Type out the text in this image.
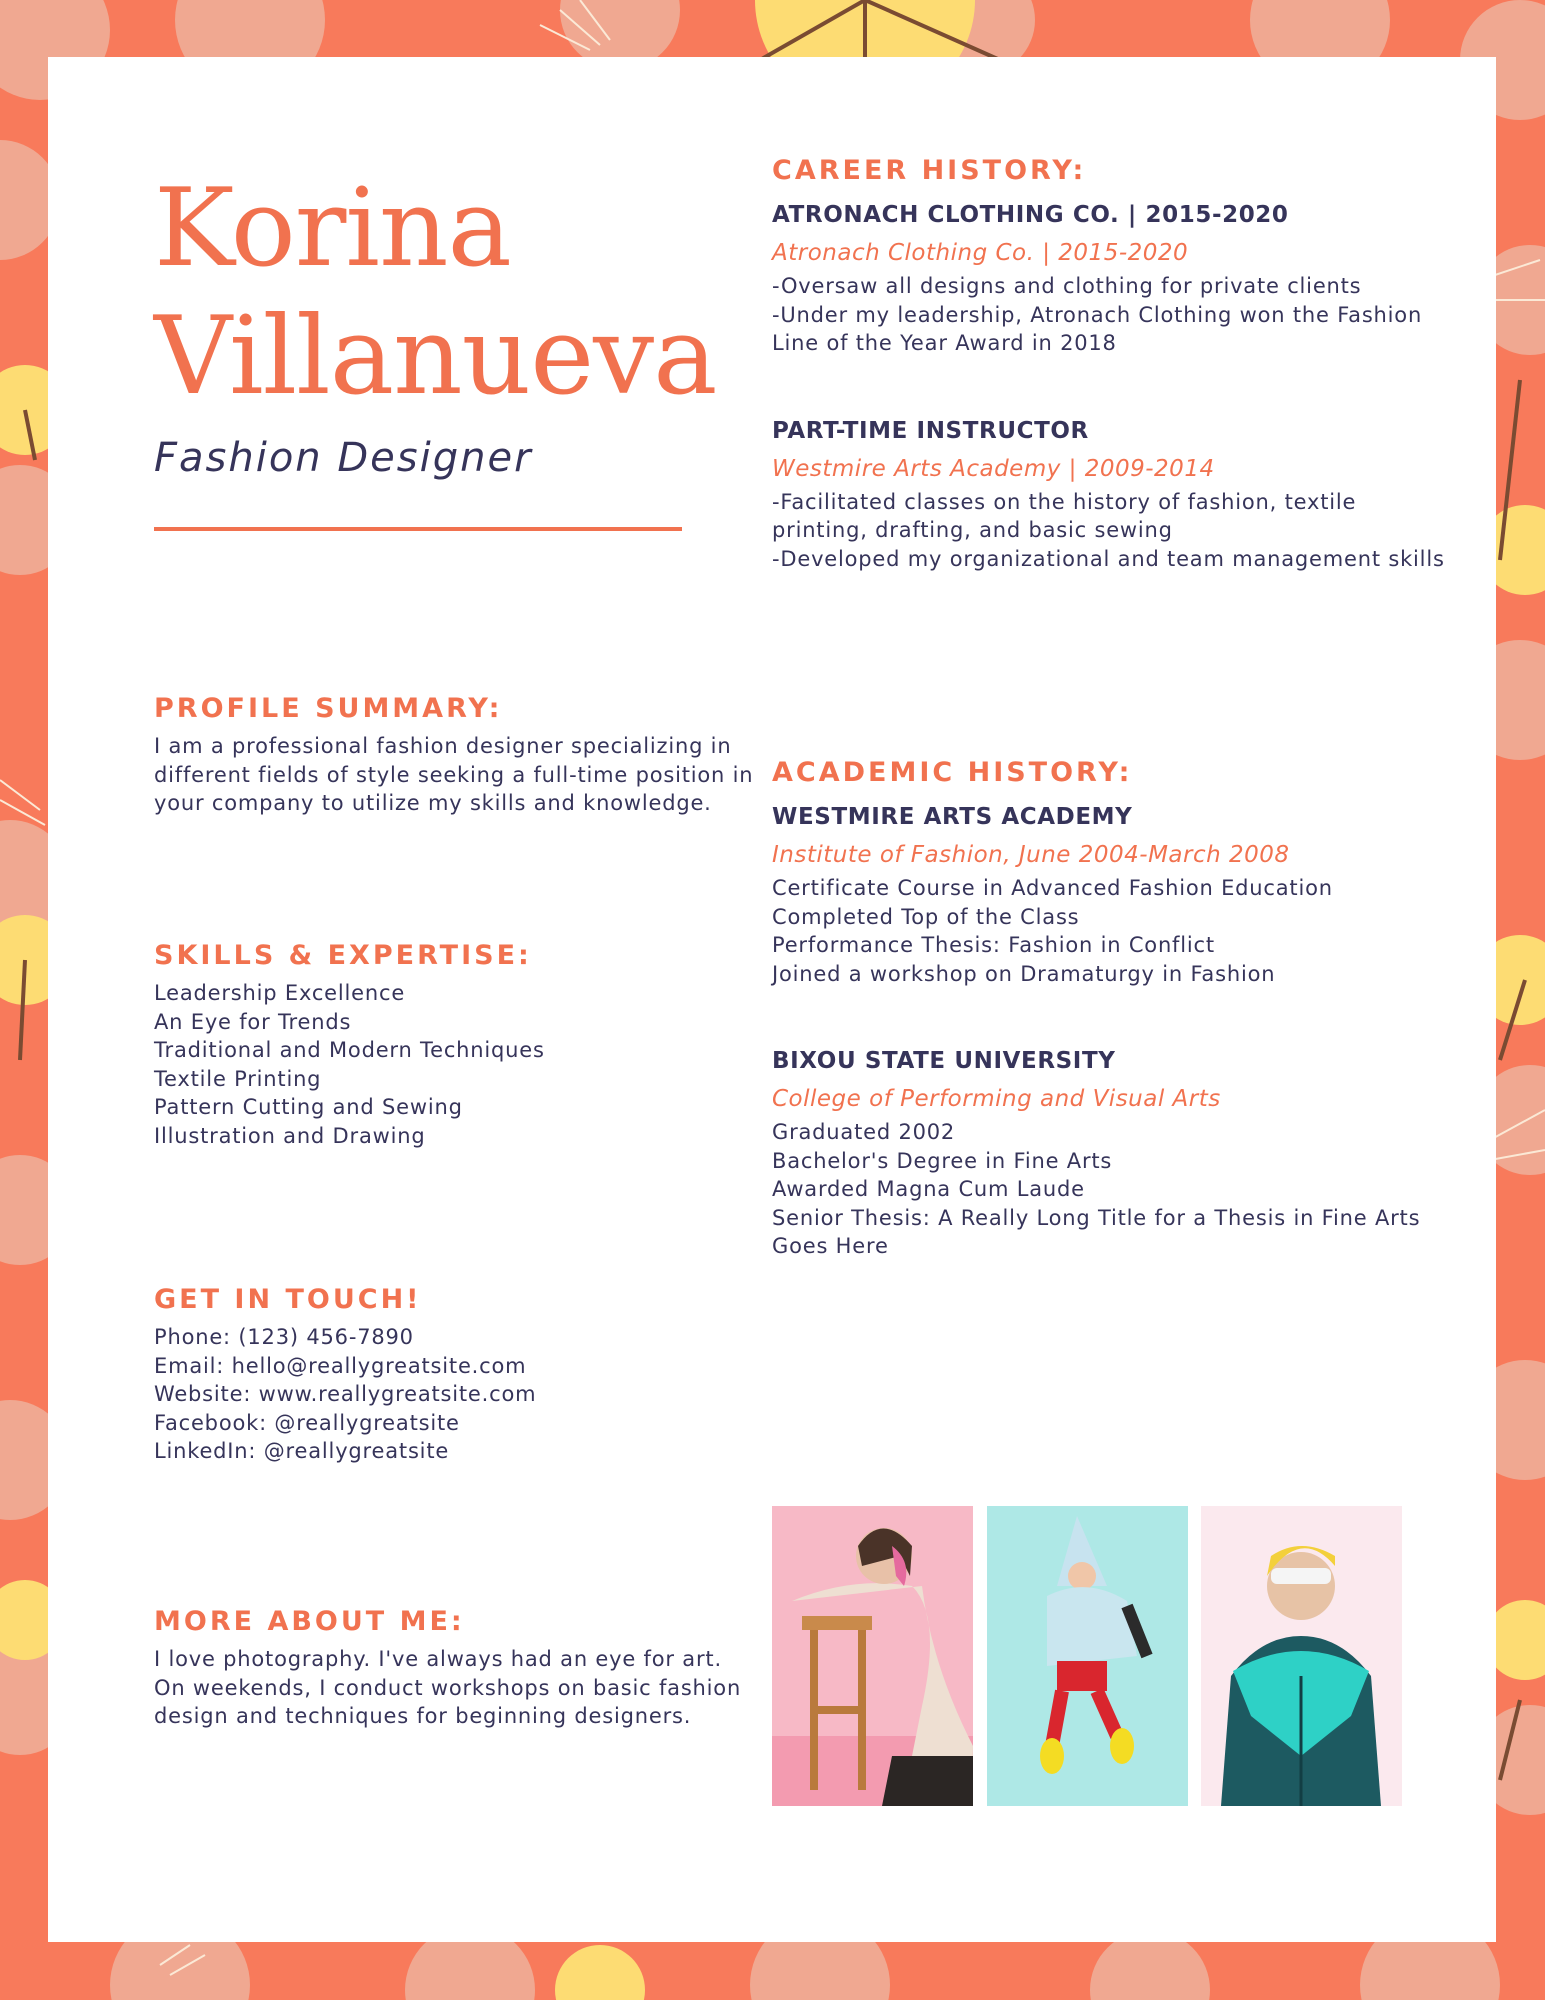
Korina
Villanueva
Fashion Designer
PROFILE SUMMARY:
I am a professional fashion designer specializing in
different fields of style seeking a full-time position in
your company to utilize my skills and knowledge.
SKILLS & EXPERTISE:
Leadership Excellence
An Eye for Trends
Traditional and Modern Techniques
Textile Printing
Pattern Cutting and Sewing
Illustration and Drawing
GET IN TOUCH!
Phone: (123) 456-7890
Email: hello@reallygreatsite.com
Website: www.reallygreatsite.com
Facebook: @reallygreatsite
LinkedIn: @reallygreatsite
MORE ABOUT ME:
I love photography. I've always had an eye for art.
On weekends, I conduct workshops on basic fashion
design and techniques for beginning designers.
CAREER HISTORY:
ATRONACH CLOTHING CO. | 2015-2020
Atronach Clothing Co. | 2015-2020
-Oversaw all designs and clothing for private clients
-Under my leadership, Atronach Clothing won the Fashion
Line of the Year Award in 2018
PART-TIME INSTRUCTOR
Westmire Arts Academy | 2009-2014
-Facilitated classes on the history of fashion, textile
printing, drafting, and basic sewing
-Developed my organizational and team management skills
ACADEMIC HISTORY:
WESTMIRE ARTS ACADEMY
Institute of Fashion, June 2004-March 2008
Certificate Course in Advanced Fashion Education
Completed Top of the Class
Performance Thesis: Fashion in Conflict
Joined a workshop on Dramaturgy in Fashion
BIXOU STATE UNIVERSITY
College of Performing and Visual Arts
Graduated 2002
Bachelor's Degree in Fine Arts
Awarded Magna Cum Laude
Senior Thesis: A Really Long Title for a Thesis in Fine Arts
Goes Here
